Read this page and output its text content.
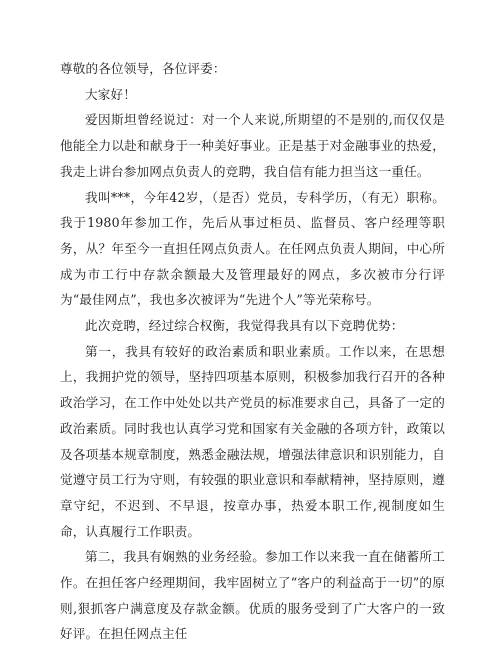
尊敬的各位领导，各位评委：

大家好！

爱因斯坦曾经说过：对一个人来说,所期望的不是别的,而仅仅是他能全力以赴和献身于一种美好事业。正是基于对金融事业的热爱，我走上讲台参加网点负责人的竞聘，我自信有能力担当这一重任。

我叫***，今年42岁，（是否）党员，专科学历，（有无）职称。我于1980年参加工作，先后从事过柜员、监督员、客户经理等职务，从？年至今一直担任网点负责人。在任网点负责人期间，中心所成为市工行中存款余额最大及管理最好的网点，多次被市分行评为“最佳网点”，我也多次被评为“先进个人”等光荣称号。

此次竞聘，经过综合权衡，我觉得我具有以下竞聘优势：

第一，我具有较好的政治素质和职业素质。工作以来，在思想上，我拥护党的领导，坚持四项基本原则，积极参加我行召开的各种政治学习，在工作中处处以共产党员的标准要求自己，具备了一定的政治素质。同时我也认真学习党和国家有关金融的各项方针，政策以及各项基本规章制度，熟悉金融法规，增强法律意识和识别能力，自觉遵守员工行为守则，有较强的职业意识和奉献精神，坚持原则，遵章守纪，不迟到、不早退，按章办事，热爱本职工作,视制度如生命，认真履行工作职责。

第二，我具有娴熟的业务经验。参加工作以来我一直在储蓄所工作。在担任客户经理期间，我牢固树立了“客户的利益高于一切”的原则,狠抓客户满意度及存款金额。优质的服务受到了广大客户的一致好评。在担任网点主任
